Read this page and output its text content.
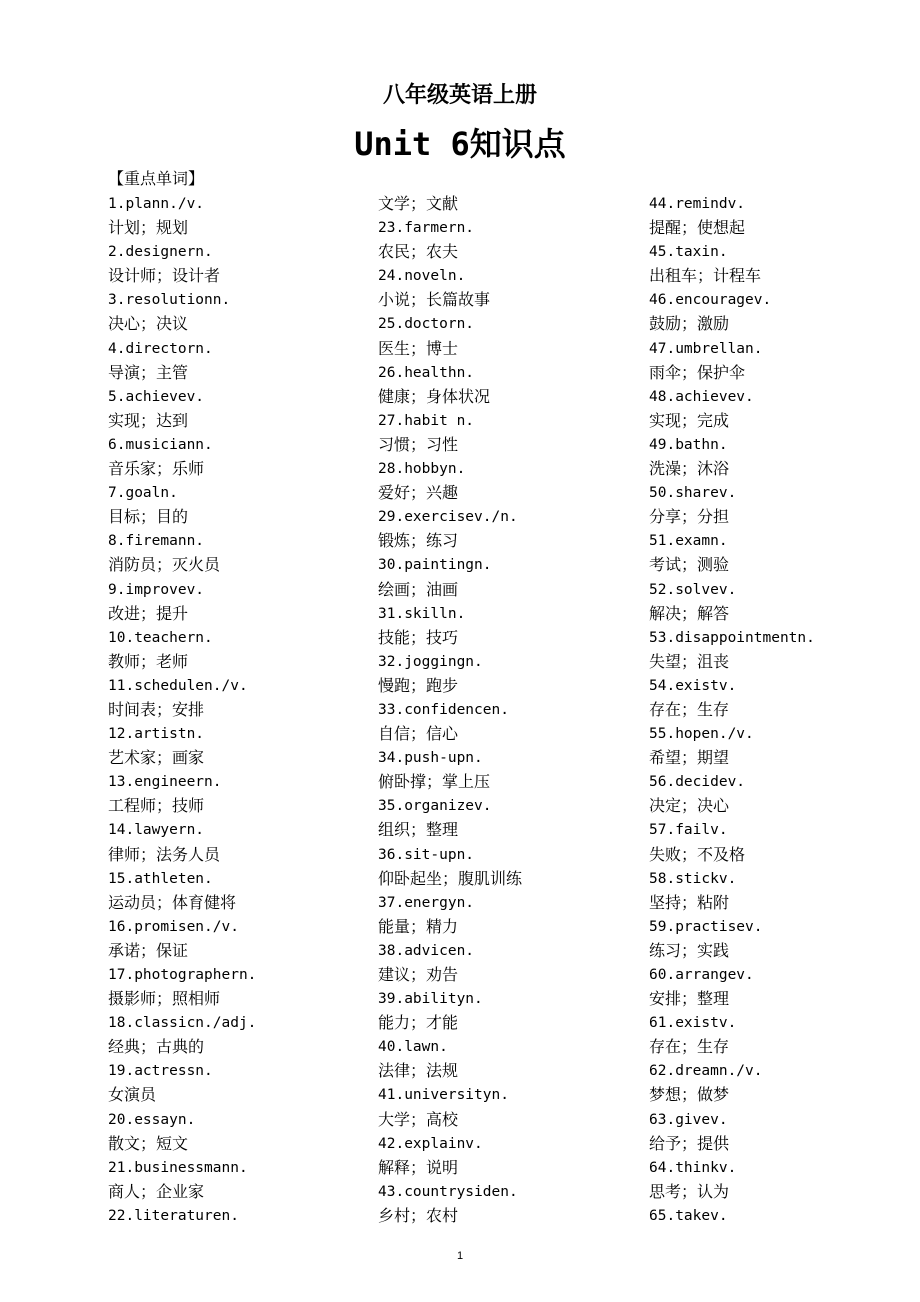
八年级英语上册
Unit 6知识点
【重点单词】
1.plann./v.
计划；规划
2.designern.
设计师；设计者
3.resolutionn.
决心；决议
4.directorn.
导演；主管
5.achievev.
实现；达到
6.musiciann.
音乐家；乐师
7.goaln.
目标；目的
8.firemann.
消防员；灭火员
9.improvev.
改进；提升
10.teachern.
教师；老师
11.schedulen./v.
时间表；安排
12.artistn.
艺术家；画家
13.engineern.
工程师；技师
14.lawyern.
律师；法务人员
15.athleten.
运动员；体育健将
16.promisen./v.
承诺；保证
17.photographern.
摄影师；照相师
18.classicn./adj.
经典；古典的
19.actressn.
女演员
20.essayn.
散文；短文
21.businessmann.
商人；企业家
22.literaturen.
文学；文献
23.farmern.
农民；农夫
24.noveln.
小说；长篇故事
25.doctorn.
医生；博士
26.healthn.
健康；身体状况
27.habit n.
习惯；习性
28.hobbyn.
爱好；兴趣
29.exercisev./n.
锻炼；练习
30.paintingn.
绘画；油画
31.skilln.
技能；技巧
32.joggingn.
慢跑；跑步
33.confidencen.
自信；信心
34.push-upn.
俯卧撑；掌上压
35.organizev.
组织；整理
36.sit-upn.
仰卧起坐；腹肌训练
37.energyn.
能量；精力
38.advicen.
建议；劝告
39.abilityn.
能力；才能
40.lawn.
法律；法规
41.universityn.
大学；高校
42.explainv.
解释；说明
43.countrysiden.
乡村；农村
44.remindv.
提醒；使想起
45.taxin.
出租车；计程车
46.encouragev.
鼓励；激励
47.umbrellan.
雨伞；保护伞
48.achievev.
实现；完成
49.bathn.
洗澡；沐浴
50.sharev.
分享；分担
51.examn.
考试；测验
52.solvev.
解决；解答
53.disappointmentn.
失望；沮丧
54.existv.
存在；生存
55.hopen./v.
希望；期望
56.decidev.
决定；决心
57.failv.
失败；不及格
58.stickv.
坚持；粘附
59.practisev.
练习；实践
60.arrangev.
安排；整理
61.existv.
存在；生存
62.dreamn./v.
梦想；做梦
63.givev.
给予；提供
64.thinkv.
思考；认为
65.takev.
1
